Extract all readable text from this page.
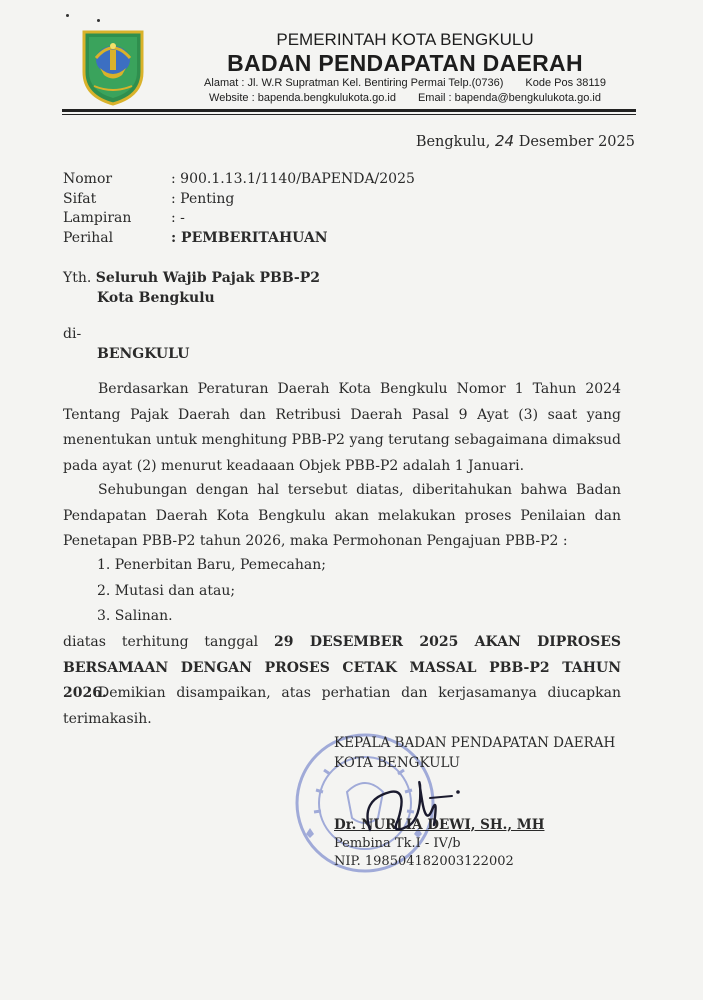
PEMERINTAH KOTA BENGKULU
BADAN PENDAPATAN DAERAH
Alamat : Jl. W.R Supratman Kel. Bentiring Permai Telp.(0736) Kode Pos 38119
Website : bapenda.bengkulukota.go.id Email : bapenda@bengkulukota.go.id
Bengkulu, 24 Desember 2025
Nomor	: 900.1.13.1/1140/BAPENDA/2025
Sifat	: Penting
Lampiran	: -
Perihal	: PEMBERITAHUAN
Yth. Seluruh Wajib Pajak PBB-P2
Kota Bengkulu
di-
BENGKULU
Berdasarkan Peraturan Daerah Kota Bengkulu Nomor 1 Tahun 2024 Tentang Pajak Daerah dan Retribusi Daerah Pasal 9 Ayat (3) saat yang menentukan untuk menghitung PBB-P2 yang terutang sebagaimana dimaksud pada ayat (2) menurut keadaaan Objek PBB-P2 adalah 1 Januari.
Sehubungan dengan hal tersebut diatas, diberitahukan bahwa Badan Pendapatan Daerah Kota Bengkulu akan melakukan proses Penilaian dan Penetapan PBB-P2 tahun 2026, maka Permohonan Pengajuan PBB-P2 :
1. Penerbitan Baru, Pemecahan;
2. Mutasi dan atau;
3. Salinan.
diatas terhitung tanggal 29 DESEMBER 2025 AKAN DIPROSES BERSAMAAN DENGAN PROSES CETAK MASSAL PBB-P2 TAHUN 2026.
Demikian disampaikan, atas perhatian dan kerjasamanya diucapkan terimakasih.
KEPALA BADAN PENDAPATAN DAERAH
KOTA BENGKULU
Dr. NURLIA DEWI, SH., MH
Pembina Tk.I - IV/b
NIP. 198504182003122002
